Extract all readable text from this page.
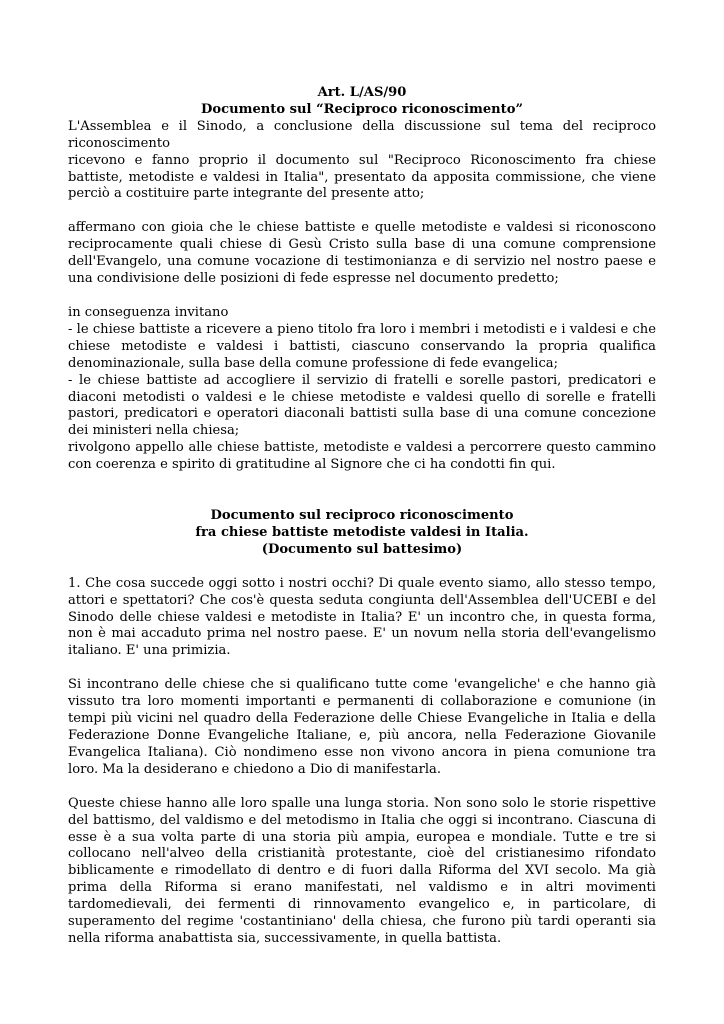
Art. L/AS/90

Documento sul “Reciproco riconoscimento”

L'Assemblea e il Sinodo, a conclusione della discussione sul tema del reciproco riconoscimento

ricevono e fanno proprio il documento sul "Reciproco Riconoscimento fra chiese battiste, metodiste e valdesi in Italia", presentato da apposita commissione, che viene perciò a costituire parte integrante del presente atto;

affermano con gioia che le chiese battiste e quelle metodiste e valdesi si riconoscono reciprocamente quali chiese di Gesù Cristo sulla base di una comune comprensione dell'Evangelo, una comune vocazione di testimonianza e di servizio nel nostro paese e una condivisione delle posizioni di fede espresse nel documento predetto;

in conseguenza invitano

- le chiese battiste a ricevere a pieno titolo fra loro i membri i metodisti e i valdesi e che chiese metodiste e valdesi i battisti, ciascuno conservando la propria qualifica denominazionale, sulla base della comune professione di fede evangelica;

- le chiese battiste ad accogliere il servizio di fratelli e sorelle pastori, predicatori e diaconi metodisti o valdesi e le chiese metodiste e valdesi quello di sorelle e fratelli pastori, predicatori e operatori diaconali battisti sulla base di una comune concezione dei ministeri nella chiesa;

rivolgono appello alle chiese battiste, metodiste e valdesi a percorrere questo cammino con coerenza e spirito di gratitudine al Signore che ci ha condotti fin qui.

Documento sul reciproco riconoscimento

fra chiese battiste metodiste valdesi in Italia.

(Documento sul battesimo)

1. Che cosa succede oggi sotto i nostri occhi? Di quale evento siamo, allo stesso tempo, attori e spettatori? Che cos'è questa seduta congiunta dell'Assemblea dell'UCEBI e del Sinodo delle chiese valdesi e metodiste in Italia? E' un incontro che, in questa forma, non è mai accaduto prima nel nostro paese. E' un novum nella storia dell'evangelismo italiano. E' una primizia.

Si incontrano delle chiese che si qualificano tutte come 'evangeliche' e che hanno già vissuto tra loro momenti importanti e permanenti di collaborazione e comunione (in tempi più vicini nel quadro della Federazione delle Chiese Evangeliche in Italia e della Federazione Donne Evangeliche Italiane, e, più ancora, nella Federazione Giovanile Evangelica Italiana). Ciò nondimeno esse non vivono ancora in piena comunione tra loro. Ma la desiderano e chiedono a Dio di manifestarla.

Queste chiese hanno alle loro spalle una lunga storia. Non sono solo le storie rispettive del battismo, del valdismo e del metodismo in Italia che oggi si incontrano. Ciascuna di esse è a sua volta parte di una storia più ampia, europea e mondiale. Tutte e tre si collocano nell'alveo della cristianità protestante, cioè del cristianesimo rifondato biblicamente e rimodellato di dentro e di fuori dalla Riforma del XVI secolo. Ma già prima della Riforma si erano manifestati, nel valdismo e in altri movimenti tardomedievali, dei fermenti di rinnovamento evangelico e, in particolare, di superamento del regime 'costantiniano' della chiesa, che furono più tardi operanti sia nella riforma anabattista sia, successivamente, in quella battista.
